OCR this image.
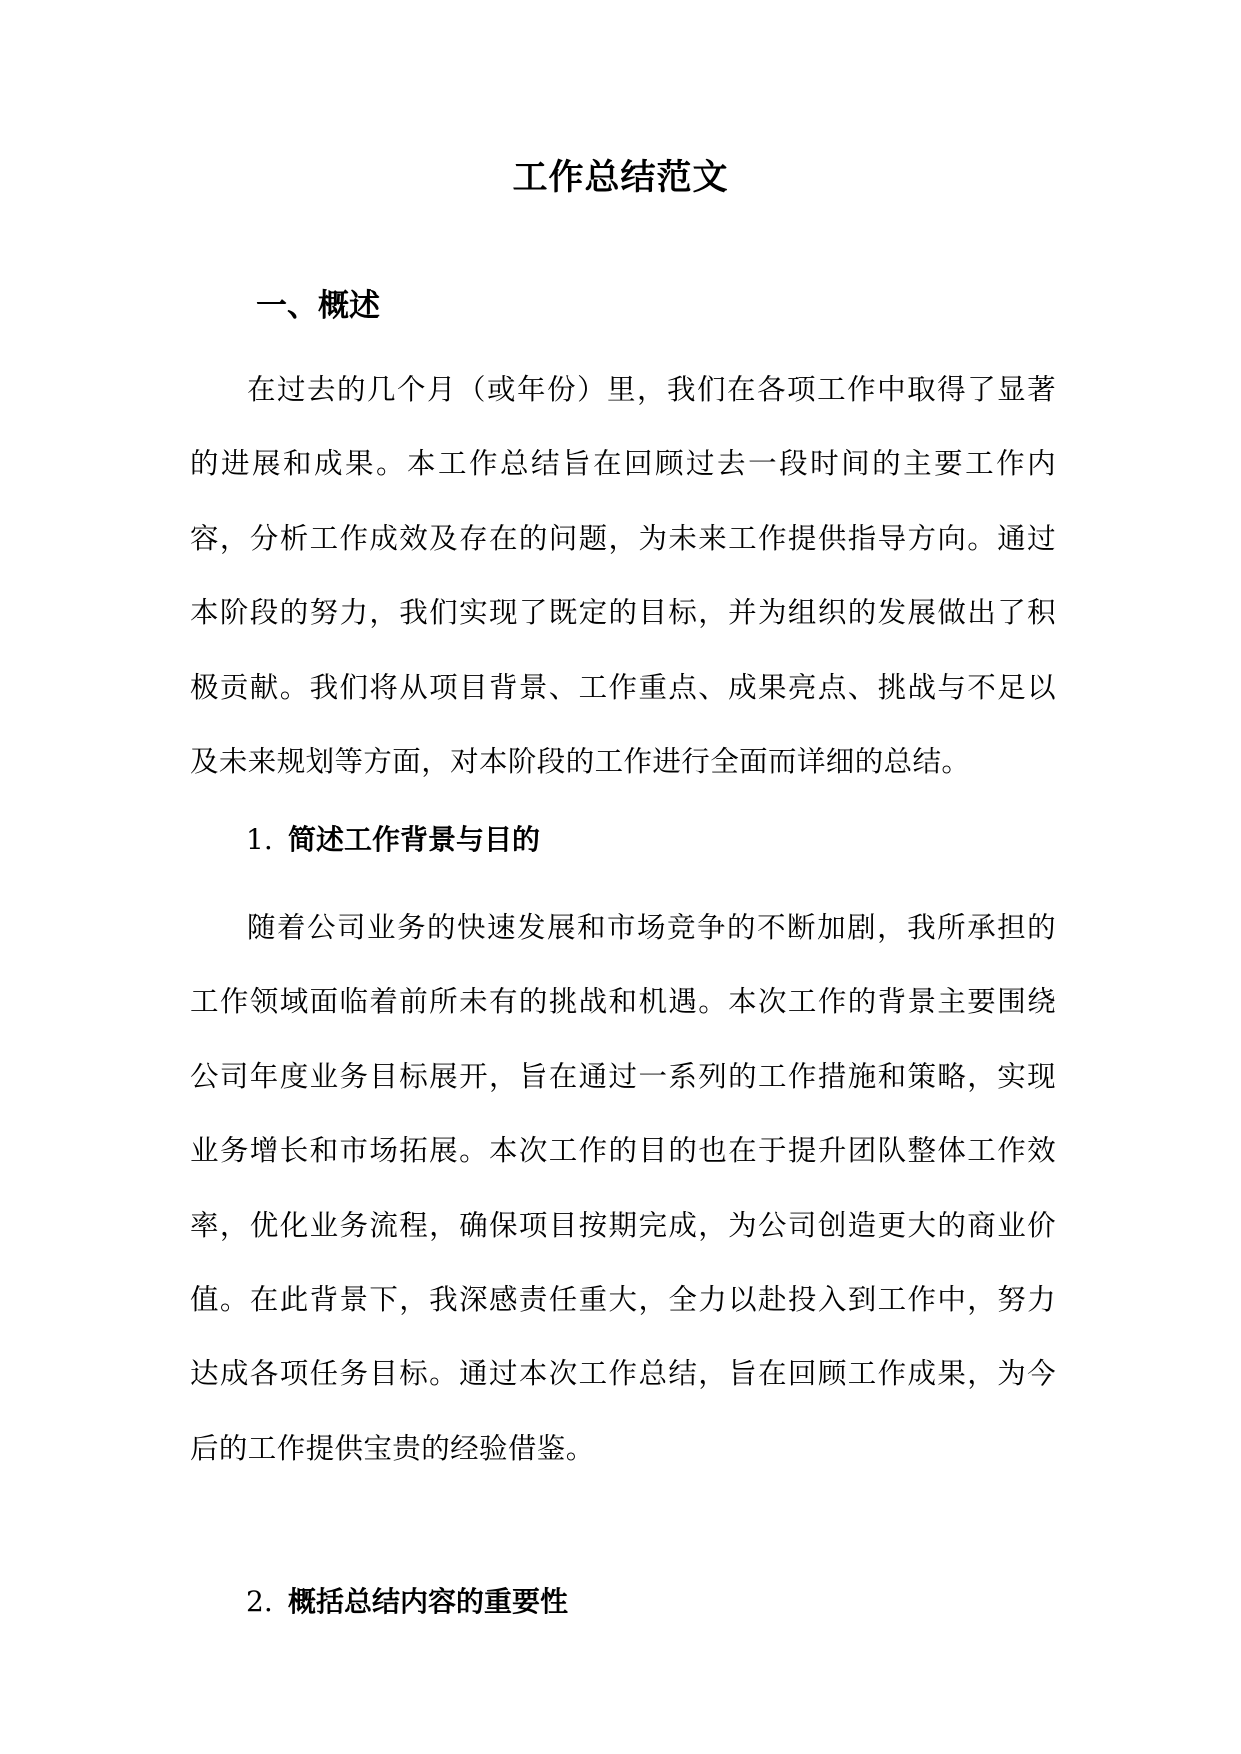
工作总结范文
一、概述

在过去的几个月（或年份）里，我们在各项工作中取得了显著的进展和成果。本工作总结旨在回顾过去一段时间的主要工作内容，分析工作成效及存在的问题，为未来工作提供指导方向。通过本阶段的努力，我们实现了既定的目标，并为组织的发展做出了积极贡献。我们将从项目背景、工作重点、成果亮点、挑战与不足以及未来规划等方面，对本阶段的工作进行全面而详细的总结。

1. 简述工作背景与目的

随着公司业务的快速发展和市场竞争的不断加剧，我所承担的工作领域面临着前所未有的挑战和机遇。本次工作的背景主要围绕公司年度业务目标展开，旨在通过一系列的工作措施和策略，实现业务增长和市场拓展。本次工作的目的也在于提升团队整体工作效率，优化业务流程，确保项目按期完成，为公司创造更大的商业价值。在此背景下，我深感责任重大，全力以赴投入到工作中，努力达成各项任务目标。通过本次工作总结，旨在回顾工作成果，为今后的工作提供宝贵的经验借鉴。

2. 概括总结内容的重要性
